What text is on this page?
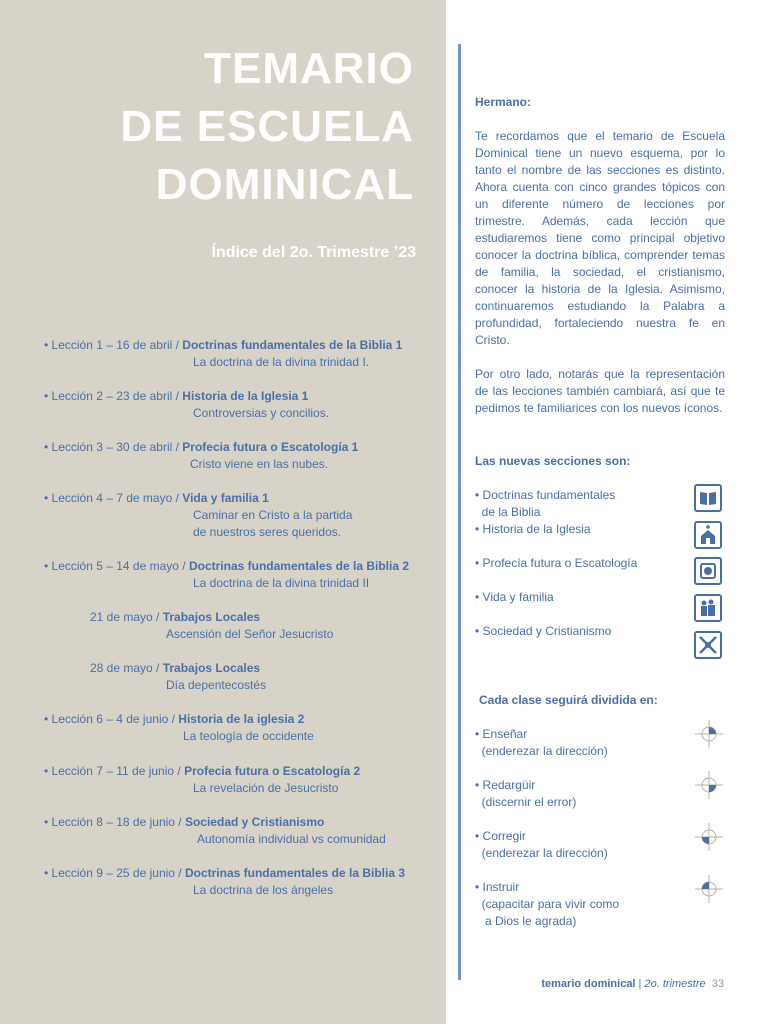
TEMARIO
DE ESCUELA
DOMINICAL
Índice del 2o. Trimestre ’23
• Lección 1 – 16 de abril / Doctrinas fundamentales de la Biblia 1
La doctrina de la divina trinidad I.
• Lección 2 – 23 de abril / Historia de la Iglesia 1
Controversias y concilios.
• Lección 3 – 30 de abril / Profecia futura o Escatología 1
Cristo viene en las nubes.
• Lección 4 – 7 de mayo / Vida y familia 1
Caminar en Cristo a la partida
de nuestros seres queridos.
• Lección 5 – 14 de mayo / Doctrinas fundamentales de la Biblia 2
La doctrina de la divina trinidad II
21 de mayo / Trabajos Locales
Ascensión del Señor Jesucristo
28 de mayo / Trabajos Locales
Día depentecostés
• Lección 6 – 4 de junio / Historia de la iglesia 2
La teología de occidente
• Lección 7 – 11 de junio / Profecia futura o Escatología 2
La revelación de Jesucristo
• Lección 8 – 18 de junio / Sociedad y Cristianismo
Autonomía individual vs comunidad
• Lección 9 – 25 de junio / Doctrinas fundamentales de la Biblia 3
La doctrina de los ángeles

Hermano:

Te recordamos que el temario de Escuela Dominical tiene un nuevo esquema, por lo tanto el nombre de las secciones es distinto. Ahora cuenta con cinco grandes tópicos con un diferente número de lecciones por trimestre. Además, cada lección que estudiaremos tiene como principal objetivo conocer la doctrina bíblica, comprender temas de familia, la sociedad, el cristianismo, conocer la historia de la Iglesia. Asimismo, continuaremos estudiando la Palabra a profundidad, fortaleciendo nuestra fe en Cristo.

Por otro lado, notarás que la representación de las lecciones también cambiará, así que te pedimos te familiarices con los nuevos íconos.

Las nuevas secciones son:
• Doctrinas fundamentales
de la Biblia
• Historia de la Iglesia
• Profecía futura o Escatología
• Vida y familia
• Sociedad y Cristianismo
Cada clase seguirá dividida en:
• Enseñar
(enderezar la dirección)
• Redargüir
(discernir el error)
• Corregir
(enderezar la dirección)
• Instruir
(capacitar para vivir como
a Dios le agrada)
temario dominical | 2o. trimestre 33
